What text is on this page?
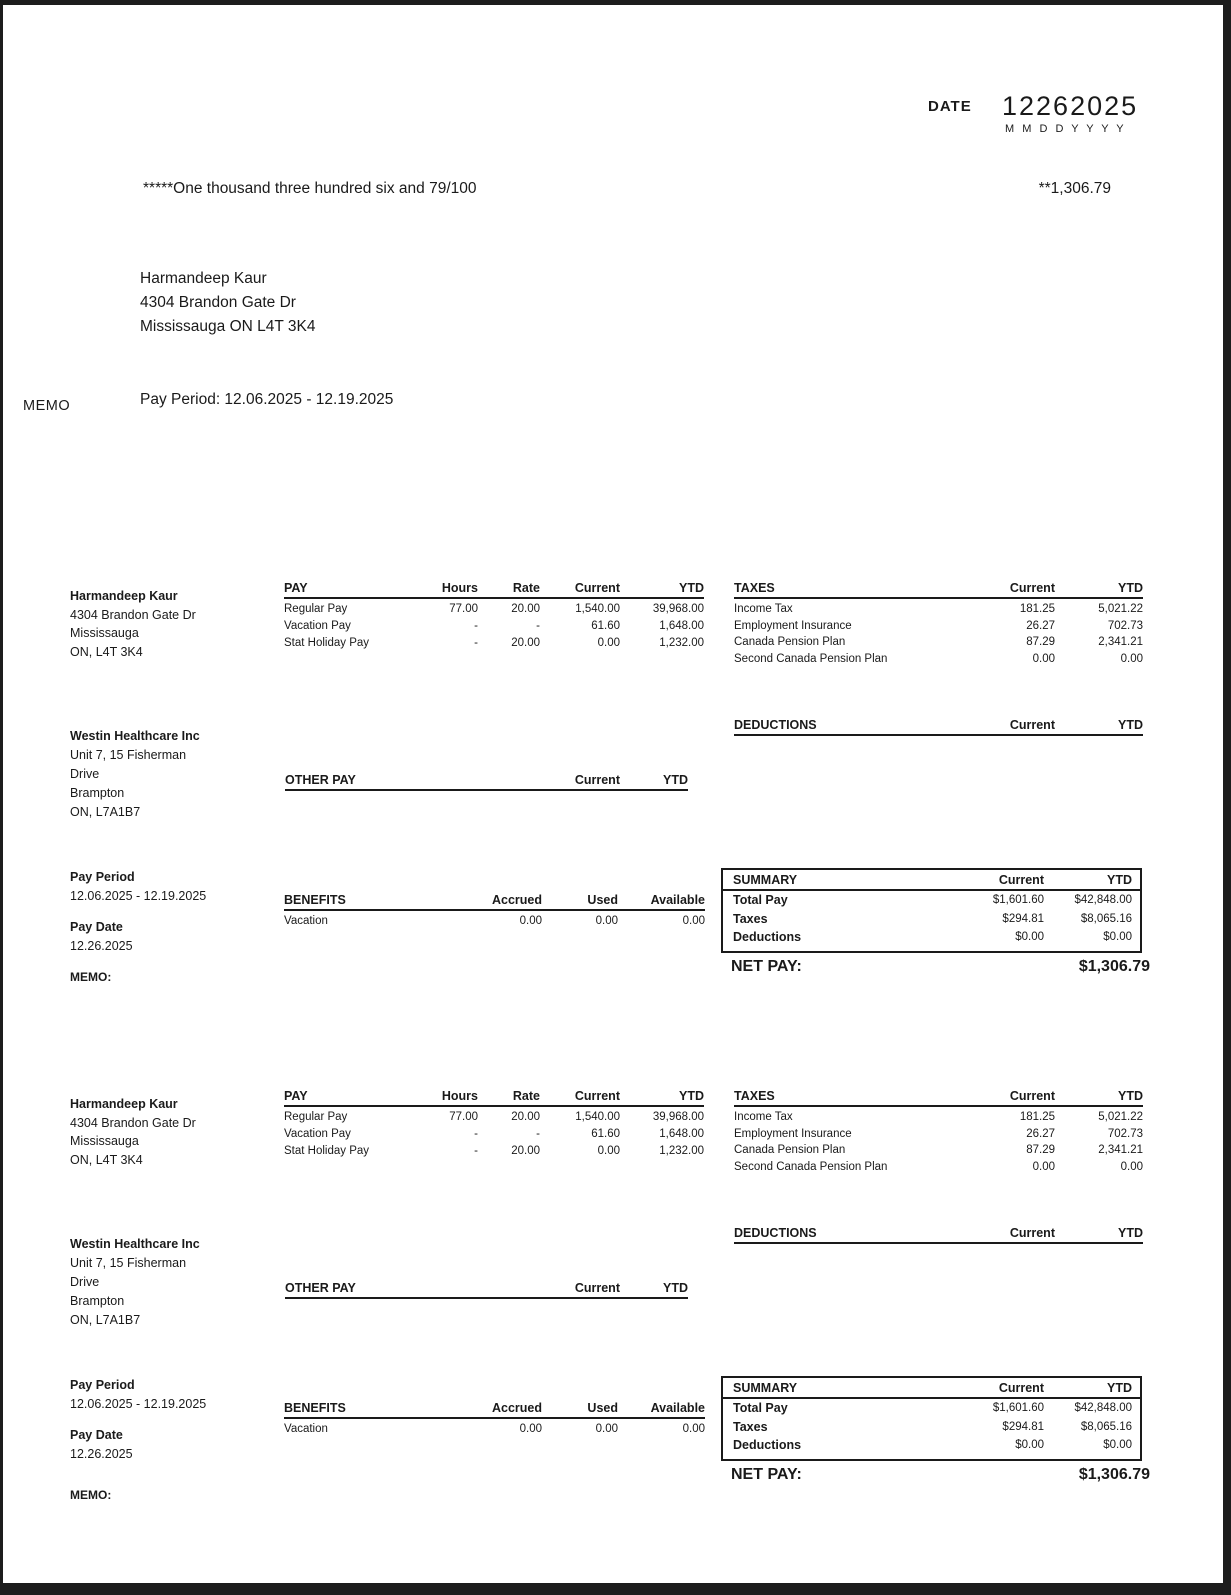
DATE 12262025
M M D D Y Y Y Y
*****One thousand three hundred six and 79/100	**1,306.79
Harmandeep Kaur
4304 Brandon Gate Dr
Mississauga ON L4T 3K4
MEMO	Pay Period: 12.06.2025 - 12.19.2025
Harmandeep Kaur
4304 Brandon Gate Dr
Mississauga
ON, L4T 3K4
PAY	Hours	Rate	Current	YTD
Regular Pay	77.00	20.00	1,540.00	39,968.00
Vacation Pay	-	-	61.60	1,648.00
Stat Holiday Pay	-	20.00	0.00	1,232.00
TAXES	Current	YTD
Income Tax	181.25	5,021.22
Employment Insurance	26.27	702.73
Canada Pension Plan	87.29	2,341.21
Second Canada Pension Plan	0.00	0.00
DEDUCTIONS	Current	YTD
Westin Healthcare Inc
Unit 7, 15 Fisherman
Drive
Brampton
ON, L7A1B7
OTHER PAY	Current	YTD
BENEFITS	Accrued	Used	Available
Vacation	0.00	0.00	0.00
SUMMARY	Current	YTD
Total Pay	$1,601.60	$42,848.00
Taxes	$294.81	$8,065.16
Deductions	$0.00	$0.00
NET PAY:	$1,306.79
Pay Period
12.06.2025 - 12.19.2025
Pay Date
12.26.2025
MEMO:
Harmandeep Kaur
4304 Brandon Gate Dr
Mississauga
ON, L4T 3K4
PAY	Hours	Rate	Current	YTD
Regular Pay	77.00	20.00	1,540.00	39,968.00
Vacation Pay	-	-	61.60	1,648.00
Stat Holiday Pay	-	20.00	0.00	1,232.00
TAXES	Current	YTD
Income Tax	181.25	5,021.22
Employment Insurance	26.27	702.73
Canada Pension Plan	87.29	2,341.21
Second Canada Pension Plan	0.00	0.00
DEDUCTIONS	Current	YTD
Westin Healthcare Inc
Unit 7, 15 Fisherman
Drive
Brampton
ON, L7A1B7
OTHER PAY	Current	YTD
BENEFITS	Accrued	Used	Available
Vacation	0.00	0.00	0.00
SUMMARY	Current	YTD
Total Pay	$1,601.60	$42,848.00
Taxes	$294.81	$8,065.16
Deductions	$0.00	$0.00
NET PAY:	$1,306.79
Pay Period
12.06.2025 - 12.19.2025
Pay Date
12.26.2025
MEMO:
